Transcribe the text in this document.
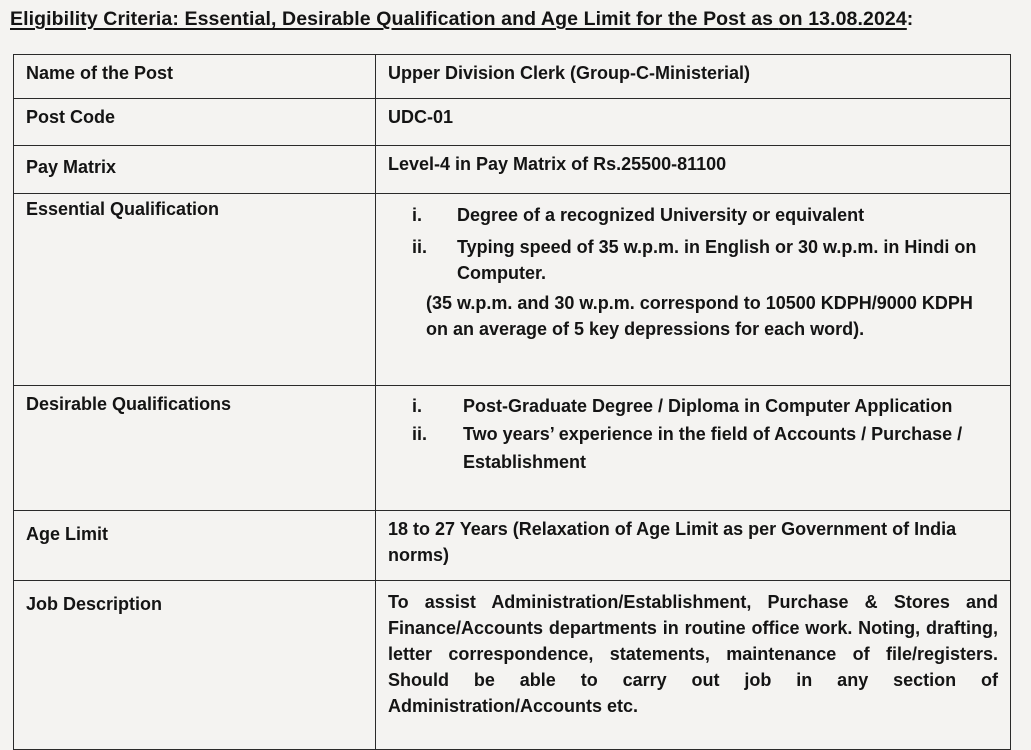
Eligibility Criteria: Essential, Desirable Qualification and Age Limit for the Post as on 13.08.2024:
Name of the Post	Upper Division Clerk (Group-C-Ministerial)
Post Code	UDC-01
Pay Matrix	Level-4 in Pay Matrix of Rs.25500-81100
Essential Qualification	i. Degree of a recognized University or equivalent
ii. Typing speed of 35 w.p.m. in English or 30 w.p.m. in Hindi on Computer.
(35 w.p.m. and 30 w.p.m. correspond to 10500 KDPH/9000 KDPH on an average of 5 key depressions for each word).

Desirable Qualifications	i. Post-Graduate Degree / Diploma in Computer Application
ii. Two years’ experience in the field of Accounts / Purchase / Establishment

Age Limit	18 to 27 Years (Relaxation of Age Limit as per Government of India norms)
Job Description	To assist Administration/Establishment, Purchase & Stores and Finance/Accounts departments in routine office work. Noting, drafting, letter correspondence, statements, maintenance of file/registers. Should be able to carry out job in any section of Administration/Accounts etc.
